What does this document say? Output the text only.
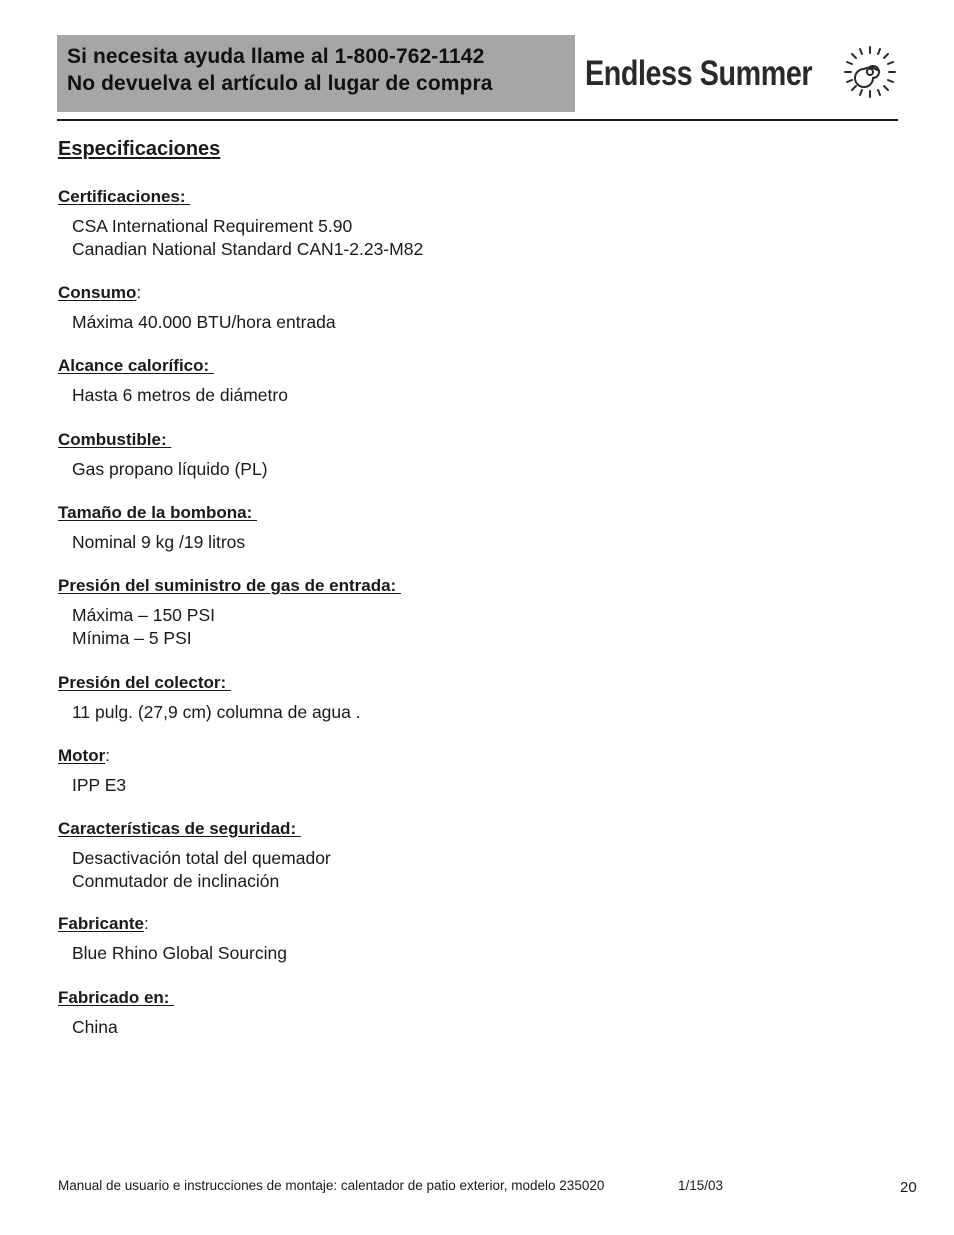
Si necesita ayuda llame al 1-800-762-1142
No devuelva el artículo al lugar de compra	Endless Summer
Especificaciones
Certificaciones:
CSA International Requirement 5.90
Canadian National Standard CAN1-2.23-M82
Consumo:
Máxima 40.000 BTU/hora entrada
Alcance calorífico:
Hasta 6 metros de diámetro
Combustible:
Gas propano líquido (PL)
Tamaño de la bombona:
Nominal 9 kg /19 litros
Presión del suministro de gas de entrada:
Máxima – 150 PSI
Mínima – 5 PSI
Presión del colector:
11 pulg. (27,9 cm) columna de agua .
Motor:
IPP E3
Características de seguridad:
Desactivación total del quemador
Conmutador de inclinación
Fabricante:
Blue Rhino Global Sourcing
Fabricado en:
China
Manual de usuario e instrucciones de montaje: calentador de patio exterior, modelo 235020	1/15/03	20
